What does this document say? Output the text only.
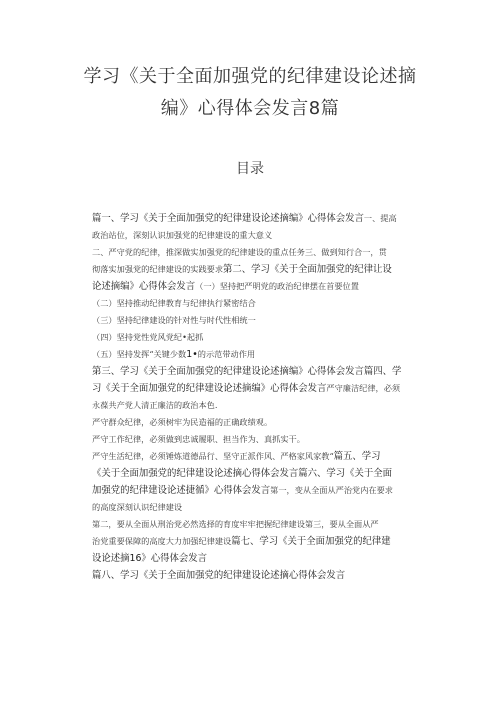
学习《关于全面加强党的纪律建设论述摘
编》心得体会发言8篇
目录
篇一、学习《关于全面加强党的纪律建设论述摘编》心得体会发言一、提高
政治站位，深刻认识加强党的纪律建设的重大意义
二、严守党的纪律，推深做实加强党的纪律建设的重点任务三、做到知行合一，贯
彻落实加强党的纪律建设的实践要求第二、学习《关于全面加强党的纪律让设
论述摘编》心得体会发言（一）坚持把严明党的政治纪律摆在首要位置
（二）坚持推动纪律教育与纪律执行紧密结合
（三）坚持纪律建设的针对性与时代性相统一
（四）坚持党性党风党纪•起抓
（五）坚持发挥“关键少数1•的示范带动作用
第三、学习《关于全面加强党的纪律建设论述摘编》心得体会发言篇四、学
习《关于全面加强党的纪律建设论述摘编》心得体会发言严守廉洁纪律，必须
永葆共产党人清正廉洁的政治本色.
严守群众纪律，必须树牢为民造福的正确政绩观。
严守工作纪律，必须做到忠诚履职、担当作为、真抓实干。
严守生活纪律，必须锤炼道德品行、坚守正派作风、严格家风家教“篇五、学习
《关于全面加强党的纪律建设论述摘心得体会发言篇六、学习《关于全面
加强党的纪律建设论述捷循》心得体会发言第一，变从全面从严治党内在要求
的高度深刻认识纪律建设
第二，要从全面从刑治党必然选择的育度牢牢把握纪律建设第三，要从全面从严
治党重要保障的高度大力加强纪律建设篇七、学习《关于全面加强党的纪律建
设论述摘16》心得体会发言
篇八、学习《关于全面加强党的纪律建设论述摘心得体会发言
